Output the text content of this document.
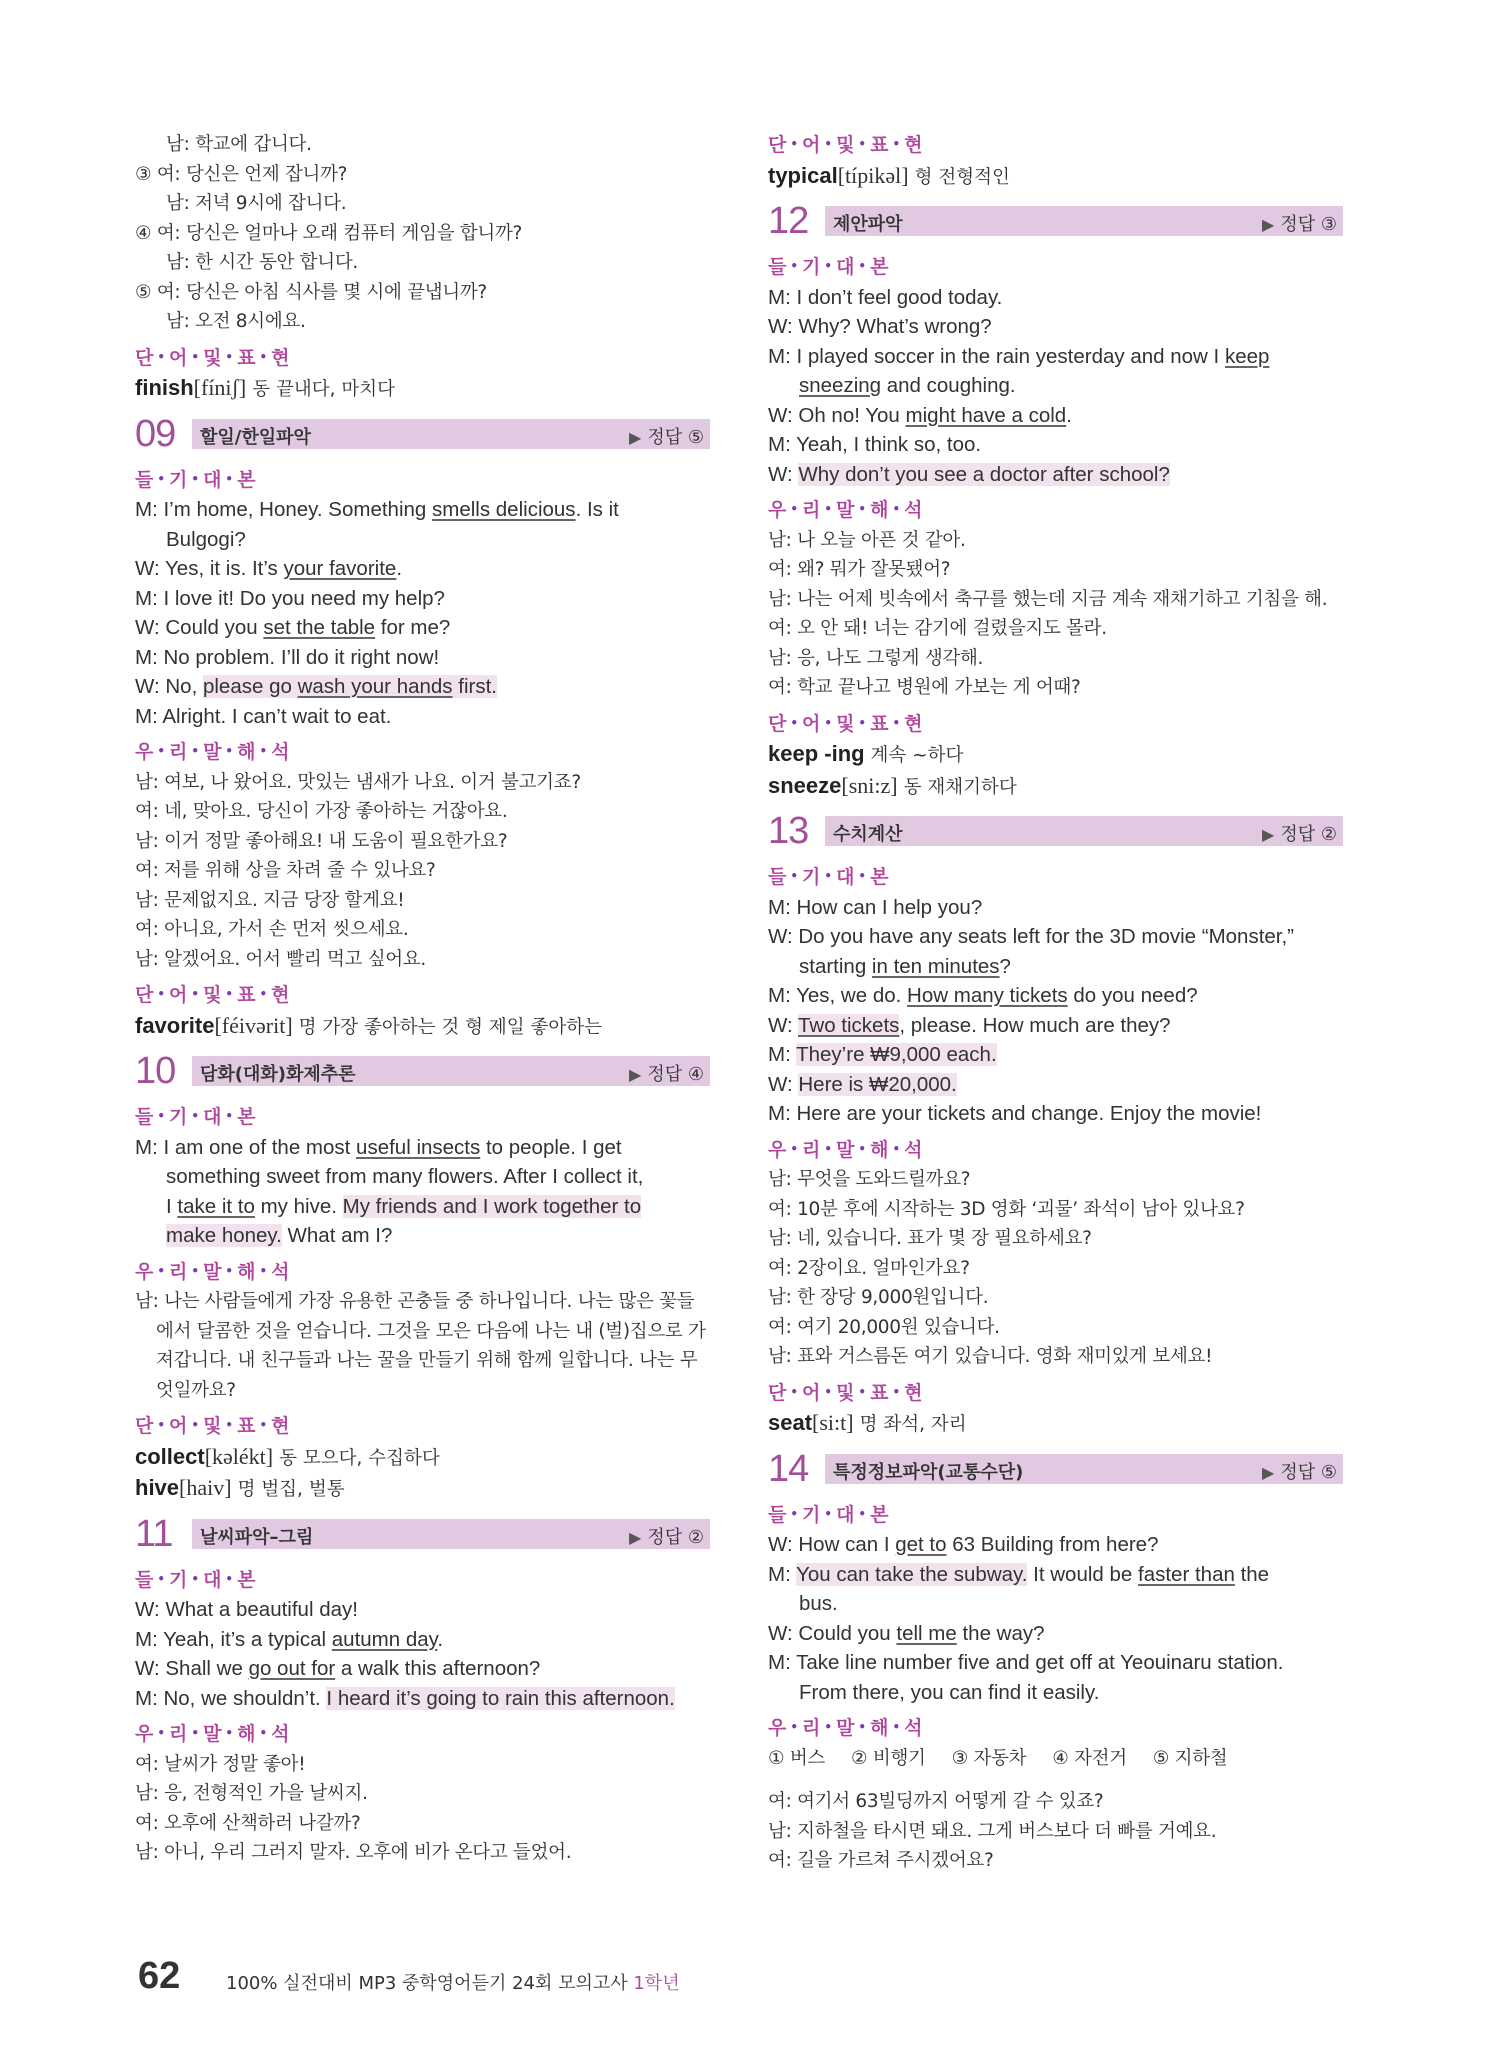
남: 학교에 갑니다.
③ 여: 당신은 언제 잡니까?
남: 저녁 9시에 잡니다.
④ 여: 당신은 얼마나 오래 컴퓨터 게임을 합니까?
남: 한 시간 동안 합니다.
⑤ 여: 당신은 아침 식사를 몇 시에 끝냅니까?
남: 오전 8시에요.
단 • 어 • 및 • 표 • 현
finish[fíniʃ] 동 끝내다, 마치다
09 할일/한일파악	▶ 정답 ⑤
들 • 기 • 대 • 본
M: I’m home, Honey. Something smells delicious. Is it
Bulgogi?
W: Yes, it is. It’s your favorite.
M: I love it! Do you need my help?
W: Could you set the table for me?
M: No problem. I’ll do it right now!
W: No, please go wash your hands first.
M: Alright. I can’t wait to eat.
우 • 리 • 말 • 해 • 석
남: 여보, 나 왔어요. 맛있는 냄새가 나요. 이거 불고기죠?
여: 네, 맞아요. 당신이 가장 좋아하는 거잖아요.
남: 이거 정말 좋아해요! 내 도움이 필요한가요?
여: 저를 위해 상을 차려 줄 수 있나요?
남: 문제없지요. 지금 당장 할게요!
여: 아니요, 가서 손 먼저 씻으세요.
남: 알겠어요. 어서 빨리 먹고 싶어요.
단 • 어 • 및 • 표 • 현
favorite[féivərit] 명 가장 좋아하는 것 형 제일 좋아하는
10 담화(대화)화제추론	▶ 정답 ④
들 • 기 • 대 • 본
M: I am one of the most useful insects to people. I get
something sweet from many flowers. After I collect it,
I take it to my hive. My friends and I work together to
make honey. What am I?
우 • 리 • 말 • 해 • 석
남: 나는 사람들에게 가장 유용한 곤충들 중 하나입니다. 나는 많은 꽃들
에서 달콤한 것을 얻습니다. 그것을 모은 다음에 나는 내 (벌)집으로 가
져갑니다. 내 친구들과 나는 꿀을 만들기 위해 함께 일합니다. 나는 무
엇일까요?
단 • 어 • 및 • 표 • 현
collect[kəlékt] 동 모으다, 수집하다
hive[haiv] 명 벌집, 벌통
11 날씨파악–그림	▶ 정답 ②
들 • 기 • 대 • 본
W: What a beautiful day!
M: Yeah, it’s a typical autumn day.
W: Shall we go out for a walk this afternoon?
M: No, we shouldn’t. I heard it’s going to rain this afternoon.
우 • 리 • 말 • 해 • 석
여: 날씨가 정말 좋아!
남: 응, 전형적인 가을 날씨지.
여: 오후에 산책하러 나갈까?
남: 아니, 우리 그러지 말자. 오후에 비가 온다고 들었어.
단 • 어 • 및 • 표 • 현
typical[típikəl] 형 전형적인
12 제안파악	▶ 정답 ③
들 • 기 • 대 • 본
M: I don’t feel good today.
W: Why? What’s wrong?
M: I played soccer in the rain yesterday and now I keep
sneezing and coughing.
W: Oh no! You might have a cold.
M: Yeah, I think so, too.
W: Why don’t you see a doctor after school?
우 • 리 • 말 • 해 • 석
남: 나 오늘 아픈 것 같아.
여: 왜? 뭐가 잘못됐어?
남: 나는 어제 빗속에서 축구를 했는데 지금 계속 재채기하고 기침을 해.
여: 오 안 돼! 너는 감기에 걸렸을지도 몰라.
남: 응, 나도 그렇게 생각해.
여: 학교 끝나고 병원에 가보는 게 어때?
단 • 어 • 및 • 표 • 현
keep -ing 계속 ~하다
sneeze[sni:z] 동 재채기하다
13 수치계산	▶ 정답 ②
들 • 기 • 대 • 본
M: How can I help you?
W: Do you have any seats left for the 3D movie “Monster,”
starting in ten minutes?
M: Yes, we do. How many tickets do you need?
W: Two tickets, please. How much are they?
M: They’re ₩9,000 each.
W: Here is ₩20,000.
M: Here are your tickets and change. Enjoy the movie!
우 • 리 • 말 • 해 • 석
남: 무엇을 도와드릴까요?
여: 10분 후에 시작하는 3D 영화 ‘괴물’ 좌석이 남아 있나요?
남: 네, 있습니다. 표가 몇 장 필요하세요?
여: 2장이요. 얼마인가요?
남: 한 장당 9,000원입니다.
여: 여기 20,000원 있습니다.
남: 표와 거스름돈 여기 있습니다. 영화 재미있게 보세요!
단 • 어 • 및 • 표 • 현
seat[si:t] 명 좌석, 자리
14 특정정보파악(교통수단)	▶ 정답 ⑤
들 • 기 • 대 • 본
W: How can I get to 63 Building from here?
M: You can take the subway. It would be faster than the
bus.
W: Could you tell me the way?
M: Take line number five and get off at Yeouinaru station.
From there, you can find it easily.
우 • 리 • 말 • 해 • 석
① 버스 ② 비행기 ③ 자동차 ④ 자전거 ⑤ 지하철
여: 여기서 63빌딩까지 어떻게 갈 수 있죠?
남: 지하철을 타시면 돼요. 그게 버스보다 더 빠를 거예요.
여: 길을 가르쳐 주시겠어요?
62	100% 실전대비 MP3 중학영어듣기 24회 모의고사 1학년
